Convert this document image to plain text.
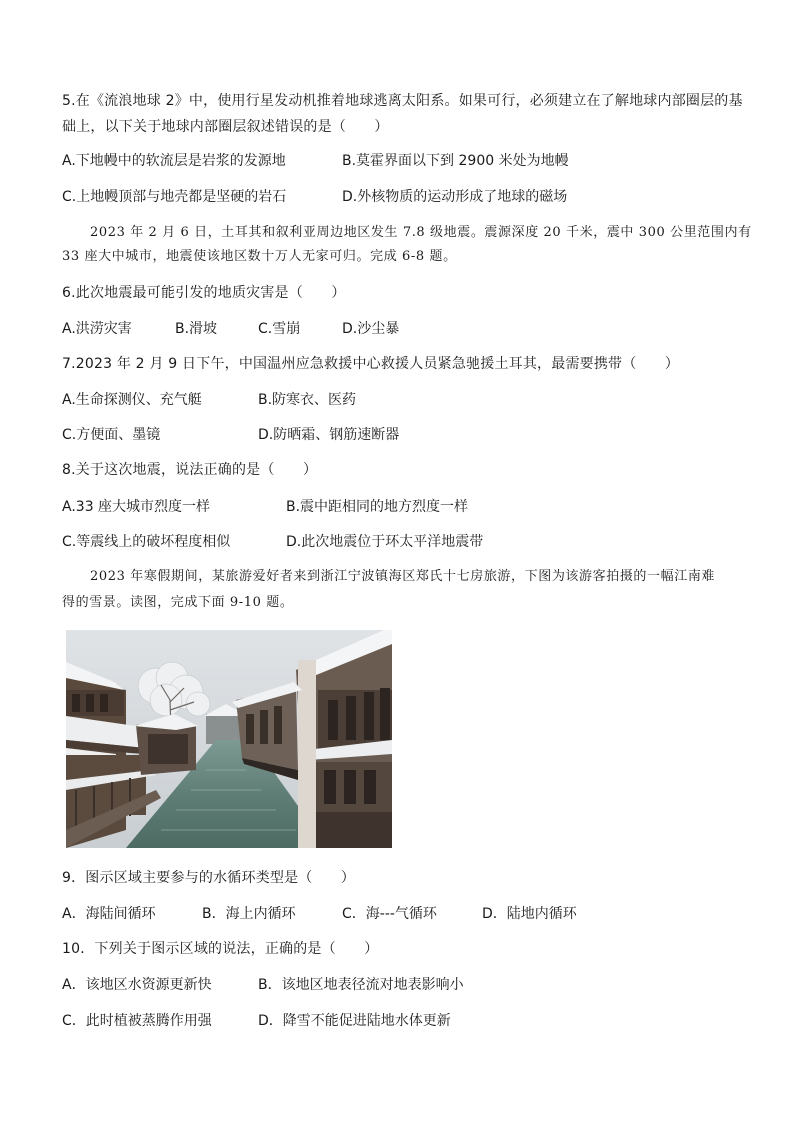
5.在《流浪地球 2》中，使用行星发动机推着地球逃离太阳系。如果可行，必须建立在了解地球内部圈层的基
础上，以下关于地球内部圈层叙述错误的是（　　）
A.下地幔中的软流层是岩浆的发源地	B.莫霍界面以下到 2900 米处为地幔
C.上地幔顶部与地壳都是坚硬的岩石	D.外核物质的运动形成了地球的磁场
2023 年 2 月 6 日，土耳其和叙利亚周边地区发生 7.8 级地震。震源深度 20 千米，震中 300 公里范围内有
33 座大中城市，地震使该地区数十万人无家可归。完成 6-8 题。
6.此次地震最可能引发的地质灾害是（　　）
A.洪涝灾害	B.滑坡	C.雪崩	D.沙尘暴
7.2023 年 2 月 9 日下午，中国温州应急救援中心救援人员紧急驰援土耳其，最需要携带（　　）
A.生命探测仪、充气艇	B.防寒衣、医药
C.方便面、墨镜	D.防晒霜、钢筋速断器
8.关于这次地震，说法正确的是（　　）
A.33 座大城市烈度一样	B.震中距相同的地方烈度一样
C.等震线上的破坏程度相似	D.此次地震位于环太平洋地震带
2023 年寒假期间，某旅游爱好者来到浙江宁波镇海区郑氏十七房旅游，下图为该游客拍摄的一幅江南难
得的雪景。读图，完成下面 9-10 题。
9．图示区域主要参与的水循环类型是（　　）
A．海陆间循环	B．海上内循环	C．海---气循环	D．陆地内循环
10．下列关于图示区域的说法，正确的是（　　）
A．该地区水资源更新快	B．该地区地表径流对地表影响小
C．此时植被蒸腾作用强	D．降雪不能促进陆地水体更新
